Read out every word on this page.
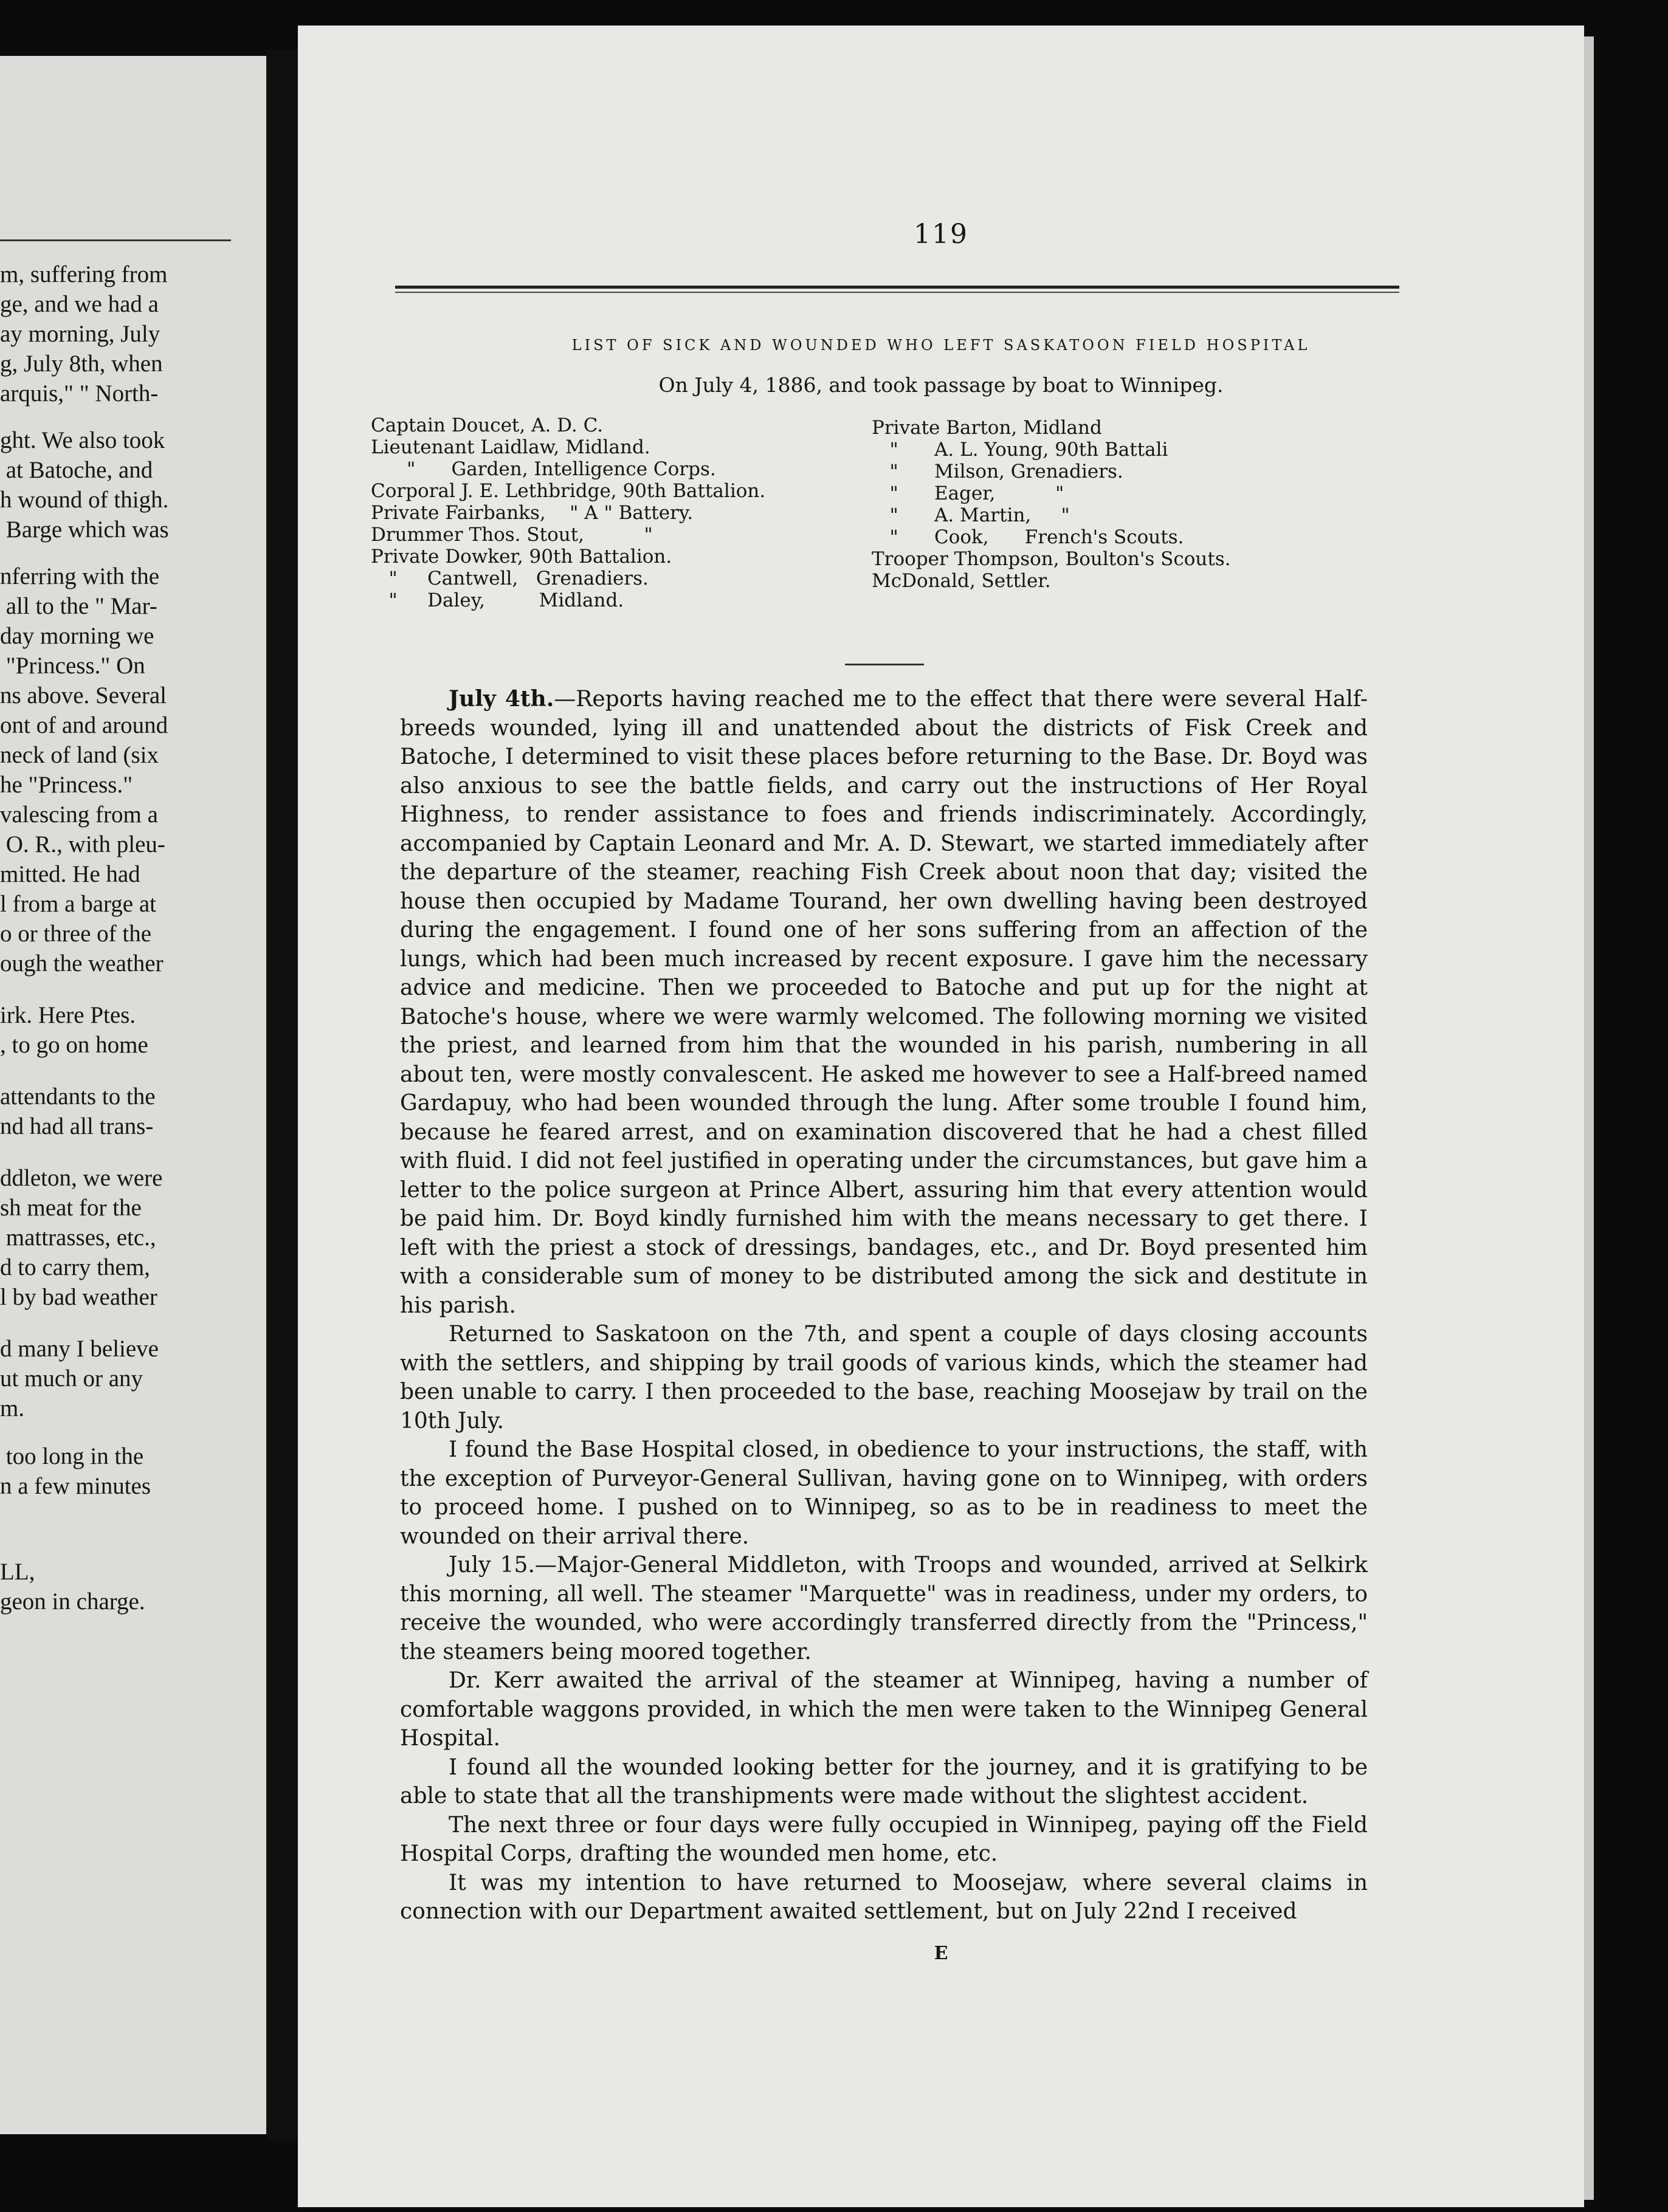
m, suffering from
ge, and we had a
ay morning, July
g, July 8th, when
arquis," " North-
ght. We also took
at Batoche, and
h wound of thigh.
Barge which was
nferring with the
all to the " Mar-
day morning we
"Princess." On
ns above. Several
ont of and around
neck of land (six
he "Princess."
valescing from a
O. R., with pleu-
mitted. He had
l from a barge at
o or three of the
ough the weather
irk. Here Ptes.
, to go on home
attendants to the
nd had all trans-
ddleton, we were
sh meat for the
mattrasses, etc.,
d to carry them,
l by bad weather
d many I believe
ut much or any
m.
too long in the
n a few minutes
LL,
geon in charge.
119
LIST OF SICK AND WOUNDED WHO LEFT SASKATOON FIELD HOSPITAL
On July 4, 1886, and took passage by boat to Winnipeg.
Captain Doucet, A. D. C.
Lieutenant Laidlaw, Midland.
"      Garden, Intelligence Corps.
Corporal J. E. Lethbridge, 90th Battalion.
Private Fairbanks,    " A " Battery.
Drummer Thos. Stout,          "
Private Dowker, 90th Battalion.
"     Cantwell,   Grenadiers.
"     Daley,         Midland.
Private Barton, Midland
"      A. L. Young, 90th Battali
"      Milson, Grenadiers.
"      Eager,          "
"      A. Martin,     "
"      Cook,      French's Scouts.
Trooper Thompson, Boulton's Scouts.
McDonald, Settler.

July 4th.—Reports having reached me to the effect that there were several Half-breeds wounded, lying ill and unattended about the districts of Fisk Creek and Batoche, I determined to visit these places before returning to the Base. Dr. Boyd was also anxious to see the battle fields, and carry out the instructions of Her Royal Highness, to render assistance to foes and friends indiscriminately. Accordingly, accompanied by Captain Leonard and Mr. A. D. Stewart, we started immediately after the departure of the steamer, reaching Fish Creek about noon that day; visited the house then occupied by Madame Tourand, her own dwelling having been destroyed during the engagement. I found one of her sons suffering from an affection of the lungs, which had been much increased by recent exposure. I gave him the necessary advice and medicine. Then we proceeded to Batoche and put up for the night at Batoche's house, where we were warmly welcomed. The following morning we visited the priest, and learned from him that the wounded in his parish, numbering in all about ten, were mostly convalescent. He asked me however to see a Half-breed named Gardapuy, who had been wounded through the lung. After some trouble I found him, because he feared arrest, and on examination discovered that he had a chest filled with fluid. I did not feel justified in operating under the circumstances, but gave him a letter to the police surgeon at Prince Albert, assuring him that every attention would be paid him. Dr. Boyd kindly furnished him with the means necessary to get there. I left with the priest a stock of dressings, bandages, etc., and Dr. Boyd presented him with a considerable sum of money to be distributed among the sick and destitute in his parish.

Returned to Saskatoon on the 7th, and spent a couple of days closing accounts with the settlers, and shipping by trail goods of various kinds, which the steamer had been unable to carry. I then proceeded to the base, reaching Moosejaw by trail on the 10th July.

I found the Base Hospital closed, in obedience to your instructions, the staff, with the exception of Purveyor-General Sullivan, having gone on to Winnipeg, with orders to proceed home. I pushed on to Winnipeg, so as to be in readiness to meet the wounded on their arrival there.

July 15.—Major-General Middleton, with Troops and wounded, arrived at Selkirk this morning, all well. The steamer "Marquette" was in readiness, under my orders, to receive the wounded, who were accordingly transferred directly from the "Princess," the steamers being moored together.

Dr. Kerr awaited the arrival of the steamer at Winnipeg, having a number of comfortable waggons provided, in which the men were taken to the Winnipeg General Hospital.

I found all the wounded looking better for the journey, and it is gratifying to be able to state that all the transhipments were made without the slightest accident.

The next three or four days were fully occupied in Winnipeg, paying off the Field Hospital Corps, drafting the wounded men home, etc.

It was my intention to have returned to Moosejaw, where several claims in connection with our Department awaited settlement, but on July 22nd I received

E
